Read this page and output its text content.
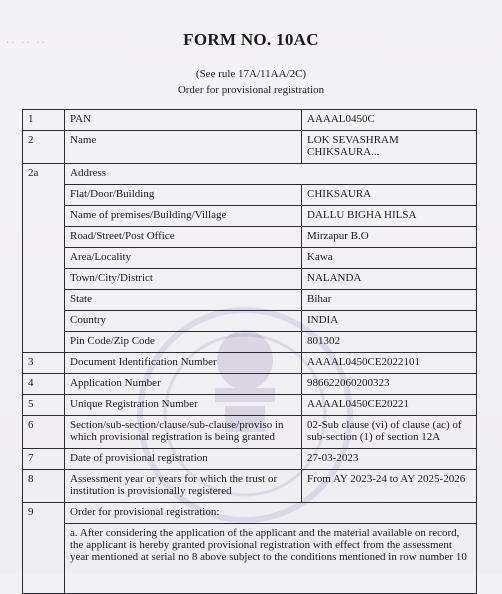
·· ·· ··	FORM NO. 10AC
(See rule 17A/11AA/2C)
Order for provisional registration
1	PAN	AAAAL0450C
2	Name	LOK SEVASHRAM CHIKSAURA...
2a	Address	
	Flat/Door/Building	CHIKSAURA
	Name of premises/Building/Village	DALLU BIGHA HILSA
	Road/Street/Post Office	Mirzapur B.O
	Area/Locality	Kawa
	Town/City/District	NALANDA
	State	Bihar
	Country	INDIA
	Pin Code/Zip Code	801302
3	Document Identification Number	AAAAL0450CE2022101
4	Application Number	986622060200323
5	Unique Registration Number	AAAAL0450CE20221
6	Section/sub-section/clause/sub-clause/proviso in which provisional registration is being granted	02-Sub clause (vi) of clause (ac) of sub-section (1) of section 12A
7	Date of provisional registration	27-03-2023
8	Assessment year or years for which the trust or institution is provisionally registered	From AY 2023-24 to AY 2025-2026
9	Order for provisional registration:	
	a. After considering the application of the applicant and the material available on record, the applicant is hereby granted provisional registration with effect from the assessment year mentioned at serial no 8 above subject to the conditions mentioned in row number 10	
